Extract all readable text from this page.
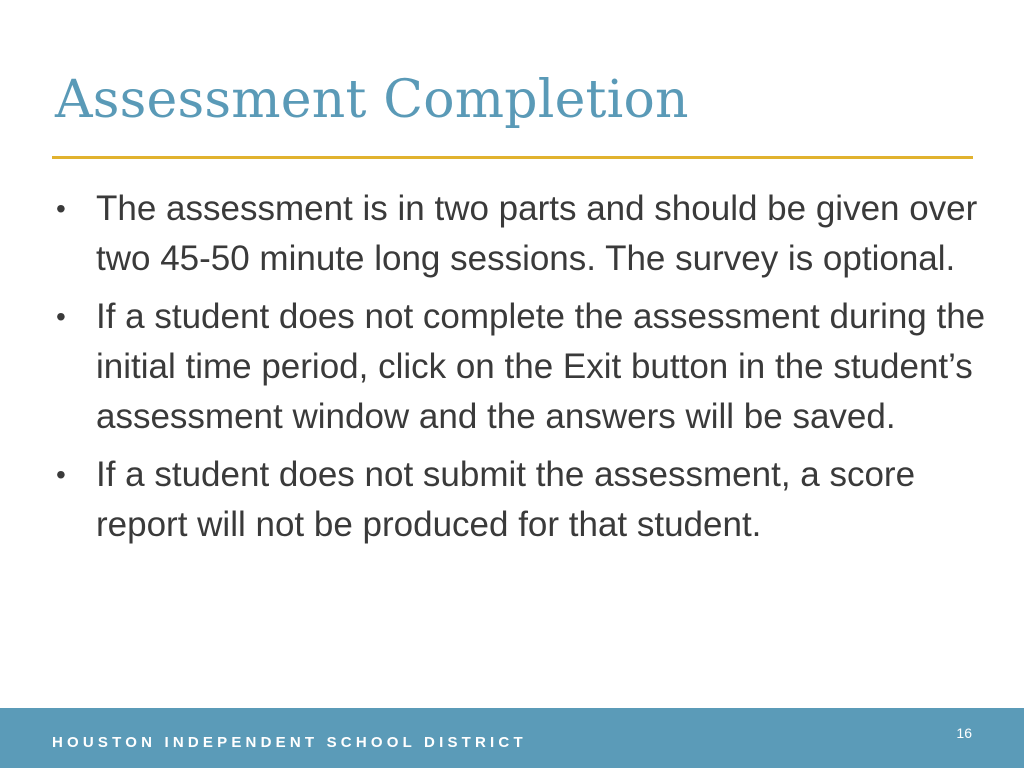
Assessment Completion
• The assessment is in two parts and should be given over two 45-50 minute long sessions. The survey is optional.
• If a student does not complete the assessment during the initial time period, click on the Exit button in the student’s assessment window and the answers will be saved.
• If a student does not submit the assessment, a score report will not be produced for that student.
HOUSTON INDEPENDENT SCHOOL DISTRICT
16
